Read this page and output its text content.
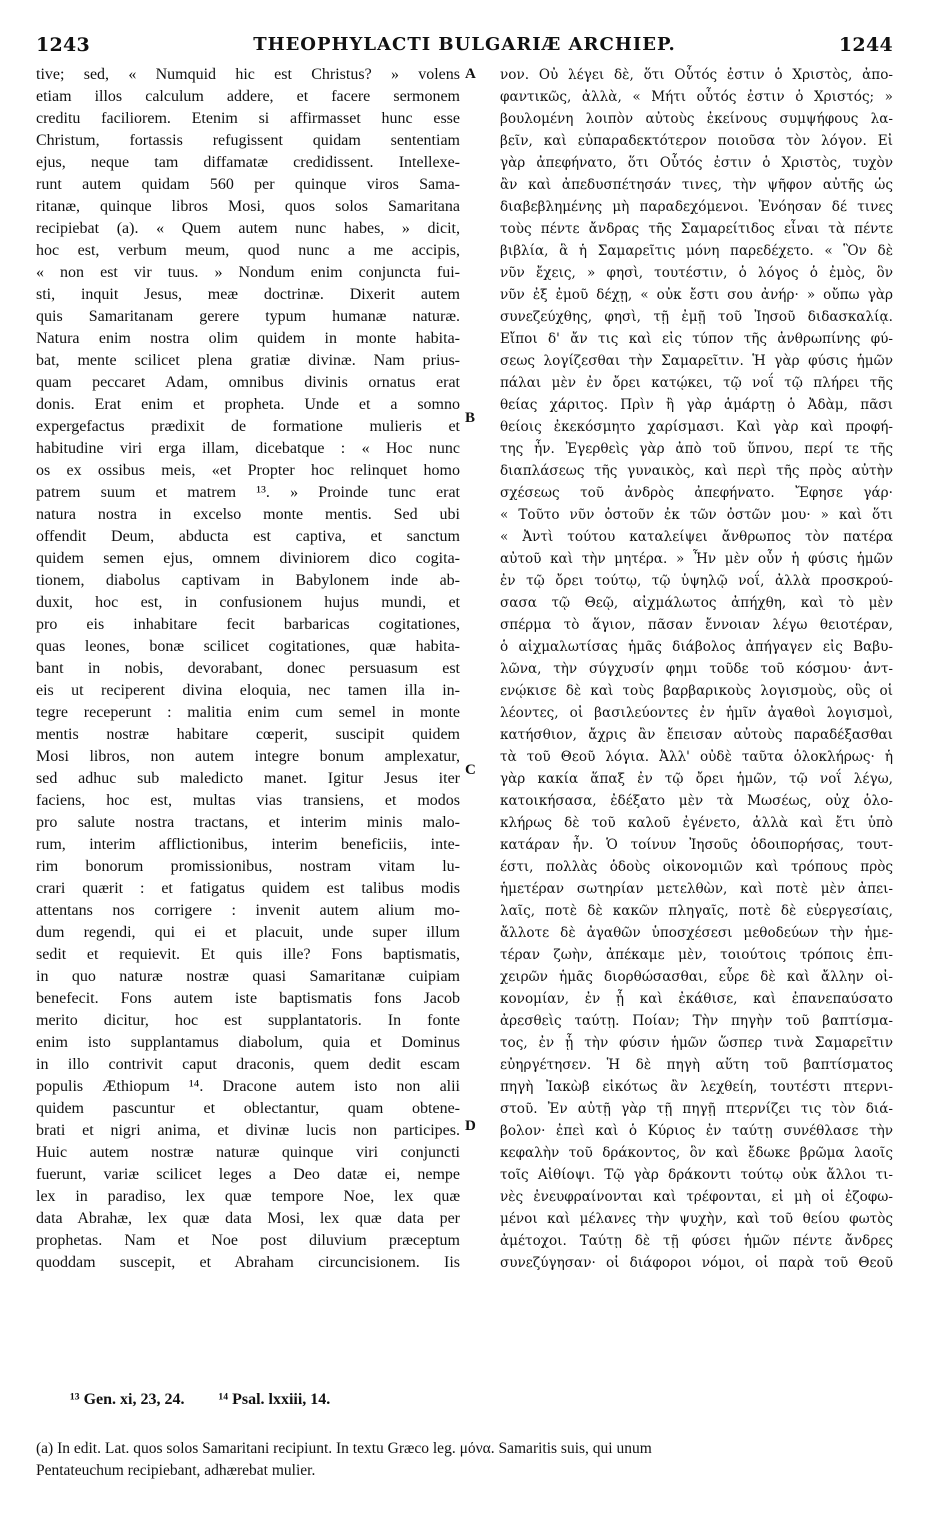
1243	THEOPHYLACTI BULGARIÆ ARCHIEP.	1244
tive; sed, « Numquid hic est Christus? » volens
etiam illos calculum addere, et facere sermonem
creditu faciliorem. Etenim si affirmasset hunc esse
Christum, fortassis refugissent quidam sententiam
ejus, neque tam diffamatæ credidissent. Intellexe-
runt autem quidam 560 per quinque viros Sama-
ritanæ, quinque libros Mosi, quos solos Samaritana
recipiebat (a). « Quem autem nunc habes, » dicit,
hoc est, verbum meum, quod nunc a me accipis,
« non est vir tuus. » Nondum enim conjuncta fui-
sti, inquit Jesus, meæ doctrinæ. Dixerit autem
quis Samaritanam gerere typum humanæ naturæ.
Natura enim nostra olim quidem in monte habita-
bat, mente scilicet plena gratiæ divinæ. Nam prius-
quam peccaret Adam, omnibus divinis ornatus erat
donis. Erat enim et propheta. Unde et a somno
expergefactus prædixit de formatione mulieris et
habitudine viri erga illam, dicebatque : « Hoc nunc
os ex ossibus meis, «et Propter hoc relinquet homo
patrem suum et matrem ¹³. » Proinde tunc erat
natura nostra in excelso monte mentis. Sed ubi
offendit Deum, abducta est captiva, et sanctum
quidem semen ejus, omnem diviniorem dico cogita-
tionem, diabolus captivam in Babylonem inde ab-
duxit, hoc est, in confusionem hujus mundi, et
pro eis inhabitare fecit barbaricas cogitationes,
quas leones, bonæ scilicet cogitationes, quæ habita-
bant in nobis, devorabant, donec persuasum est
eis ut reciperent divina eloquia, nec tamen illa in-
tegre receperunt : malitia enim cum semel in monte
mentis nostræ habitare cœperit, suscipit quidem
Mosi libros, non autem integre bonum amplexatur,
sed adhuc sub maledicto manet. Igitur Jesus iter
faciens, hoc est, multas vias transiens, et modos
pro salute nostra tractans, et interim minis malo-
rum, interim afflictionibus, interim beneficiis, inte-
rim bonorum promissionibus, nostram vitam lu-
crari quærit : et fatigatus quidem est talibus modis
attentans nos corrigere : invenit autem alium mo-
dum regendi, qui ei et placuit, unde super illum
sedit et requievit. Et quis ille? Fons baptismatis,
in quo naturæ nostræ quasi Samaritanæ cuipiam
benefecit. Fons autem iste baptismatis fons Jacob
merito dicitur, hoc est supplantatoris. In fonte
enim isto supplantamus diabolum, quia et Dominus
in illo contrivit caput draconis, quem dedit escam
populis Æthiopum ¹⁴. Dracone autem isto non alii
quidem pascuntur et oblectantur, quam obtene-
brati et nigri anima, et divinæ lucis non participes.
Huic autem nostræ naturæ quinque viri conjuncti
fuerunt, variæ scilicet leges a Deo datæ ei, nempe
lex in paradiso, lex quæ tempore Noe, lex quæ
data Abrahæ, lex quæ data Mosi, lex quæ data per
prophetas. Nam et Noe post diluvium præceptum
quoddam suscepit, et Abraham circuncisionem. Iis
A
B
C
D
νον. Οὐ λέγει δὲ, ὅτι Οὗτός ἐστιν ὁ Χριστὸς, ἀπο-
φαντικῶς, ἀλλὰ, « Μήτι οὗτός ἐστιν ὁ Χριστός; »
βουλομένη λοιπὸν αὐτοὺς ἐκείνους συμψήφους λα-
βεῖν, καὶ εὐπαραδεκτότερον ποιοῦσα τὸν λόγον. Εἰ
γὰρ ἀπεφήνατο, ὅτι Οὗτός ἐστιν ὁ Χριστὸς, τυχὸν
ἂν καὶ ἀπεδυσπέτησάν τινες, τὴν ψῆφον αὐτῆς ὡς
διαβεβλημένης μὴ παραδεχόμενοι. Ἐνόησαν δέ τινες
τοὺς πέντε ἄνδρας τῆς Σαμαρείτιδος εἶναι τὰ πέντε
βιβλία, ἃ ἡ Σαμαρεῖτις μόνη παρεδέχετο. « Ὃν δὲ
νῦν ἔχεις, » φησὶ, τουτέστιν, ὁ λόγος ὁ ἐμὸς, ὃν
νῦν ἐξ ἐμοῦ δέχῃ, « οὐκ ἔστι σου ἀνήρ· » οὔπω γὰρ
συνεζεύχθης, φησὶ, τῇ ἐμῇ τοῦ Ἰησοῦ διδασκαλίᾳ.
Εἴποι δ' ἄν τις καὶ εἰς τύπον τῆς ἀνθρωπίνης φύ-
σεως λογίζεσθαι τὴν Σαμαρεῖτιν. Ἡ γὰρ φύσις ἡμῶν
πάλαι μὲν ἐν ὄρει κατῴκει, τῷ νοΐ τῷ πλήρει τῆς
θείας χάριτος. Πρὶν ἢ γὰρ ἁμάρτῃ ὁ Ἀδὰμ, πᾶσι
θείοις ἐκεκόσμητο χαρίσμασι. Καὶ γὰρ καὶ προφή-
της ἦν. Ἐγερθεὶς γὰρ ἀπὸ τοῦ ὕπνου, περί τε τῆς
διαπλάσεως τῆς γυναικὸς, καὶ περὶ τῆς πρὸς αὐτὴν
σχέσεως τοῦ ἀνδρὸς ἀπεφήνατο. Ἔφησε γάρ·
« Τοῦτο νῦν ὀστοῦν ἐκ τῶν ὀστῶν μου· » καὶ ὅτι
« Ἀντὶ τούτου καταλείψει ἄνθρωπος τὸν πατέρα
αὐτοῦ καὶ τὴν μητέρα. » Ἦν μὲν οὖν ἡ φύσις ἡμῶν
ἐν τῷ ὄρει τούτῳ, τῷ ὑψηλῷ νοΐ, ἀλλὰ προσκρού-
σασα τῷ Θεῷ, αἰχμάλωτος ἀπήχθη, καὶ τὸ μὲν
σπέρμα τὸ ἅγιον, πᾶσαν ἔννοιαν λέγω θειοτέραν,
ὁ αἰχμαλωτίσας ἡμᾶς διάβολος ἀπήγαγεν εἰς Βαβυ-
λῶνα, τὴν σύγχυσίν φημι τοῦδε τοῦ κόσμου· ἀντ-
ενῴκισε δὲ καὶ τοὺς βαρβαρικοὺς λογισμοὺς, οὓς οἱ
λέοντες, οἱ βασιλεύοντες ἐν ἡμῖν ἀγαθοὶ λογισμοὶ,
κατήσθιον, ἄχρις ἂν ἔπεισαν αὐτοὺς παραδέξασθαι
τὰ τοῦ Θεοῦ λόγια. Ἀλλ' οὐδὲ ταῦτα ὁλοκλήρως· ἡ
γὰρ κακία ἅπαξ ἐν τῷ ὄρει ἡμῶν, τῷ νοΐ λέγω,
κατοικήσασα, ἐδέξατο μὲν τὰ Μωσέως, οὐχ ὁλο-
κλήρως δὲ τοῦ καλοῦ ἐγένετο, ἀλλὰ καὶ ἔτι ὑπὸ
κατάραν ἦν. Ὁ τοίνυν Ἰησοῦς ὁδοιπορήσας, τουτ-
έστι, πολλὰς ὁδοὺς οἰκονομιῶν καὶ τρόπους πρὸς
ἡμετέραν σωτηρίαν μετελθὼν, καὶ ποτὲ μὲν ἀπει-
λαῖς, ποτὲ δὲ κακῶν πληγαῖς, ποτὲ δὲ εὐεργεσίαις,
ἄλλοτε δὲ ἀγαθῶν ὑποσχέσεσι μεθοδεύων τὴν ἡμε-
τέραν ζωὴν, ἀπέκαμε μὲν, τοιούτοις τρόποις ἐπι-
χειρῶν ἡμᾶς διορθώσασθαι, εὗρε δὲ καὶ ἄλλην οἰ-
κονομίαν, ἐν ᾗ καὶ ἐκάθισε, καὶ ἐπανεπαύσατο
ἀρεσθεὶς ταύτῃ. Ποίαν; Τὴν πηγὴν τοῦ βαπτίσμα-
τος, ἐν ᾗ τὴν φύσιν ἡμῶν ὥσπερ τινὰ Σαμαρεῖτιν
εὐηργέτησεν. Ἡ δὲ πηγὴ αὕτη τοῦ βαπτίσματος
πηγὴ Ἰακὼβ εἰκότως ἂν λεχθείη, τουτέστι πτερνι-
στοῦ. Ἐν αὐτῇ γὰρ τῇ πηγῇ πτερνίζει τις τὸν διά-
βολον· ἐπεὶ καὶ ὁ Κύριος ἐν ταύτῃ συνέθλασε τὴν
κεφαλὴν τοῦ δράκοντος, ὃν καὶ ἔδωκε βρῶμα λαοῖς
τοῖς Αἰθίοψι. Τῷ γὰρ δράκοντι τούτῳ οὐκ ἄλλοι τι-
νὲς ἐνευφραίνονται καὶ τρέφονται, εἰ μὴ οἱ ἐζοφω-
μένοι καὶ μέλανες τὴν ψυχὴν, καὶ τοῦ θείου φωτὸς
ἀμέτοχοι. Ταύτῃ δὲ τῇ φύσει ἡμῶν πέντε ἄνδρες
συνεζύγησαν· οἱ διάφοροι νόμοι, οἱ παρὰ τοῦ Θεοῦ
¹³ Gen. xi, 23, 24. ¹⁴ Psal. lxxiii, 14.
(a) In edit. Lat. quos solos Samaritani recipiunt. In textu Græco leg. μόνα. Samaritis suis, qui unum
Pentateuchum recipiebant, adhærebat mulier.
